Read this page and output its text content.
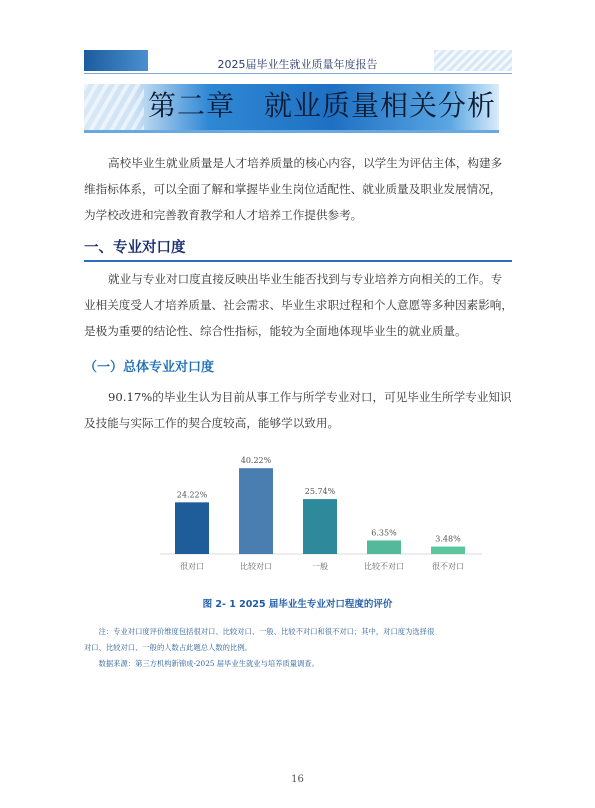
2025届毕业生就业质量年度报告
第二章　就业质量相关分析

高校毕业生就业质量是人才培养质量的核心内容，以学生为评估主体，构建多

维指标体系，可以全面了解和掌握毕业生岗位适配性、就业质量及职业发展情况，

为学校改进和完善教育教学和人才培养工作提供参考。

一、专业对口度

就业与专业对口度直接反映出毕业生能否找到与专业培养方向相关的工作。专

业相关度受人才培养质量、社会需求、毕业生求职过程和个人意愿等多种因素影响，

是极为重要的结论性、综合性指标，能较为全面地体现毕业生的就业质量。

（一）总体专业对口度

90.17%的毕业生认为目前从事工作与所学专业对口，可见毕业生所学专业知识

及技能与实际工作的契合度较高，能够学以致用。

24.22%
很对口
40.22%
比较对口
25.74%
一般
6.35%
比较不对口
3.48%
很不对口
图 2- 1 2025 届毕业生专业对口程度的评价

　　注：专业对口度评价维度包括很对口、比较对口、一般、比较不对口和很不对口；其中，对口度为选择很

对口、比较对口、一般的人数占此题总人数的比例。

　　数据来源：第三方机构新锦成-2025 届毕业生就业与培养质量调查。

16
